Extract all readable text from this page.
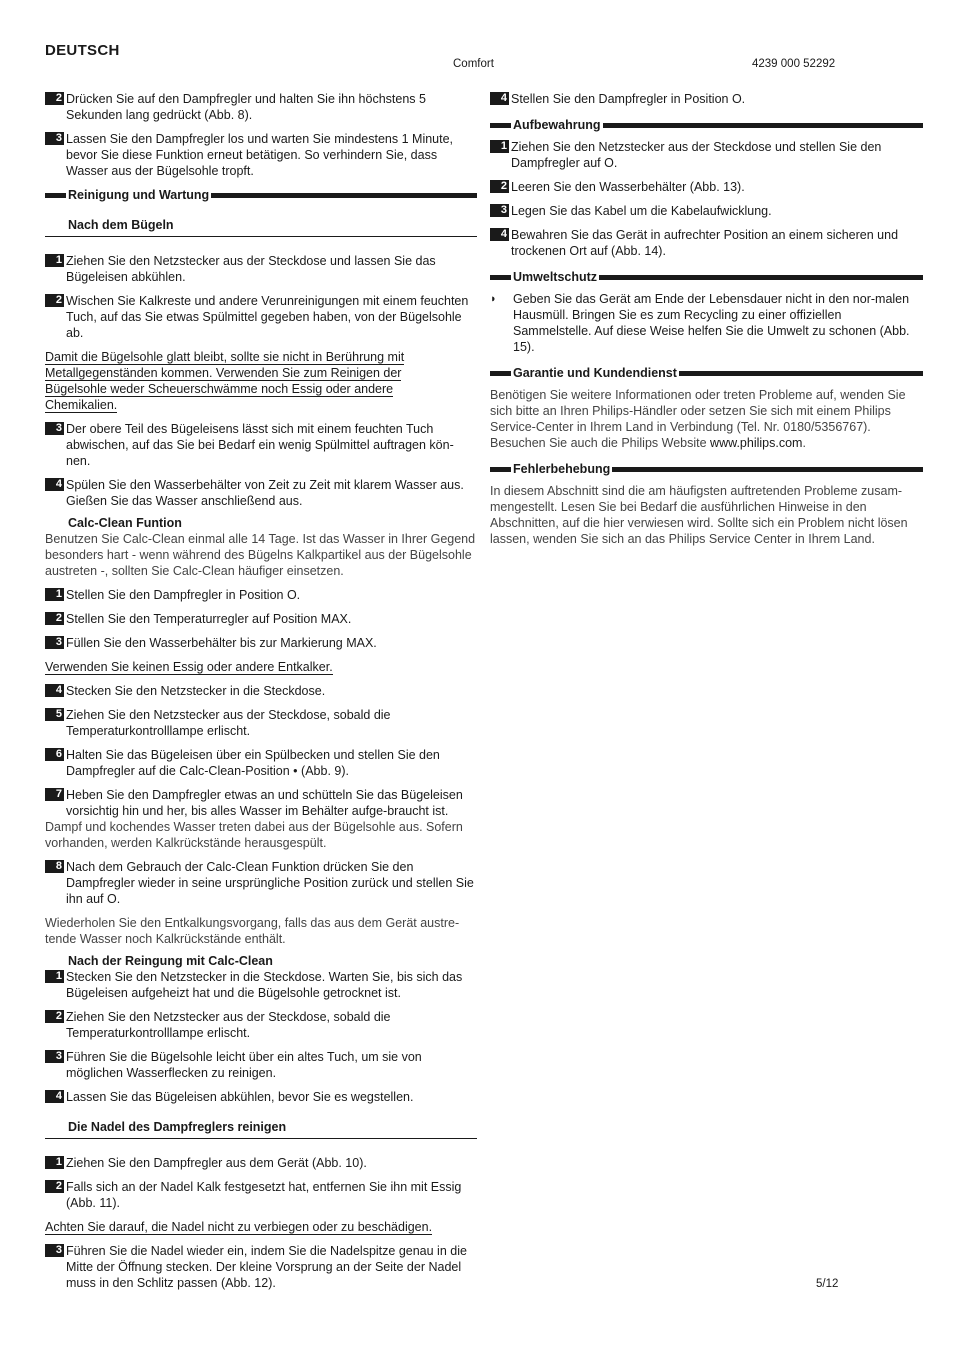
DEUTSCH
Comfort	4239 000 52292
2 Drücken Sie auf den Dampfregler und halten Sie ihn höchstens 5 Sekunden lang gedrückt (Abb. 8).
3 Lassen Sie den Dampfregler los und warten Sie mindestens 1 Minute, bevor Sie diese Funktion erneut betätigen. So verhindern Sie, dass Wasser aus der Bügelsohle tropft.
Reinigung und Wartung
Nach dem Bügeln
1 Ziehen Sie den Netzstecker aus der Steckdose und lassen Sie das Bügeleisen abkühlen.
2 Wischen Sie Kalkreste und andere Verunreinigungen mit einem feuchten Tuch, auf das Sie etwas Spülmittel gegeben haben, von der Bügelsohle ab.
Damit die Bügelsohle glatt bleibt, sollte sie nicht in Berührung mit
Metallgegenständen kommen. Verwenden Sie zum Reinigen der
Bügelsohle weder Scheuerschwämme noch Essig oder andere
Chemikalien.
3 Der obere Teil des Bügeleisens lässt sich mit einem feuchten Tuch abwischen, auf das Sie bei Bedarf ein wenig Spülmittel auftragen kön-nen.
4 Spülen Sie den Wasserbehälter von Zeit zu Zeit mit klarem Wasser aus. Gießen Sie das Wasser anschließend aus.
Calc-Clean Funtion
Benutzen Sie Calc-Clean einmal alle 14 Tage. Ist das Wasser in Ihrer Gegend besonders hart - wenn während des Bügelns Kalkpartikel aus der Bügelsohle austreten -, sollten Sie Calc-Clean häufiger einsetzen.
1 Stellen Sie den Dampfregler in Position O.
2 Stellen Sie den Temperaturregler auf Position MAX.
3 Füllen Sie den Wasserbehälter bis zur Markierung MAX.
Verwenden Sie keinen Essig oder andere Entkalker.
4 Stecken Sie den Netzstecker in die Steckdose.
5 Ziehen Sie den Netzstecker aus der Steckdose, sobald die Temperaturkontrolllampe erlischt.
6 Halten Sie das Bügeleisen über ein Spülbecken und stellen Sie den Dampfregler auf die Calc-Clean-Position • (Abb. 9).
7 Heben Sie den Dampfregler etwas an und schütteln Sie das Bügeleisen vorsichtig hin und her, bis alles Wasser im Behälter aufge-braucht ist.
Dampf und kochendes Wasser treten dabei aus der Bügelsohle aus. Sofern vorhanden, werden Kalkrückstände herausgespült.
8 Nach dem Gebrauch der Calc-Clean Funktion drücken Sie den Dampfregler wieder in seine ursprüngliche Position zurück und stellen Sie ihn auf O.
Wiederholen Sie den Entkalkungsvorgang, falls das aus dem Gerät austre-tende Wasser noch Kalkrückstände enthält.
Nach der Reingung mit Calc-Clean
1 Stecken Sie den Netzstecker in die Steckdose. Warten Sie, bis sich das Bügeleisen aufgeheizt hat und die Bügelsohle getrocknet ist.
2 Ziehen Sie den Netzstecker aus der Steckdose, sobald die Temperaturkontrolllampe erlischt.
3 Führen Sie die Bügelsohle leicht über ein altes Tuch, um sie von möglichen Wasserflecken zu reinigen.
4 Lassen Sie das Bügeleisen abkühlen, bevor Sie es wegstellen.
Die Nadel des Dampfreglers reinigen
1 Ziehen Sie den Dampfregler aus dem Gerät (Abb. 10).
2 Falls sich an der Nadel Kalk festgesetzt hat, entfernen Sie ihn mit Essig (Abb. 11).
Achten Sie darauf, die Nadel nicht zu verbiegen oder zu beschädigen.
3 Führen Sie die Nadel wieder ein, indem Sie die Nadelspitze genau in die Mitte der Öffnung stecken. Der kleine Vorsprung an der Seite der Nadel muss in den Schlitz passen (Abb. 12).
4 Stellen Sie den Dampfregler in Position O.
Aufbewahrung
1 Ziehen Sie den Netzstecker aus der Steckdose und stellen Sie den Dampfregler auf O.
2 Leeren Sie den Wasserbehälter (Abb. 13).
3 Legen Sie das Kabel um die Kabelaufwicklung.
4 Bewahren Sie das Gerät in aufrechter Position an einem sicheren und trockenen Ort auf (Abb. 14).
Umweltschutz
◗	Geben Sie das Gerät am Ende der Lebensdauer nicht in den nor-malen Hausmüll. Bringen Sie es zum Recycling zu einer offiziellen Sammelstelle. Auf diese Weise helfen Sie die Umwelt zu schonen (Abb. 15).
Garantie und Kundendienst
Benötigen Sie weitere Informationen oder treten Probleme auf, wenden Sie sich bitte an Ihren Philips-Händler oder setzen Sie sich mit einem Philips Service-Center in Ihrem Land in Verbindung (Tel. Nr. 0180/5356767). Besuchen Sie auch die Philips Website www.philips.com.
Fehlerbehebung
In diesem Abschnitt sind die am häufigsten auftretenden Probleme zusam-mengestellt. Lesen Sie bei Bedarf die ausführlichen Hinweise in den Abschnitten, auf die hier verwiesen wird. Sollte sich ein Problem nicht lösen lassen, wenden Sie sich an das Philips Service Center in Ihrem Land.
5/12
